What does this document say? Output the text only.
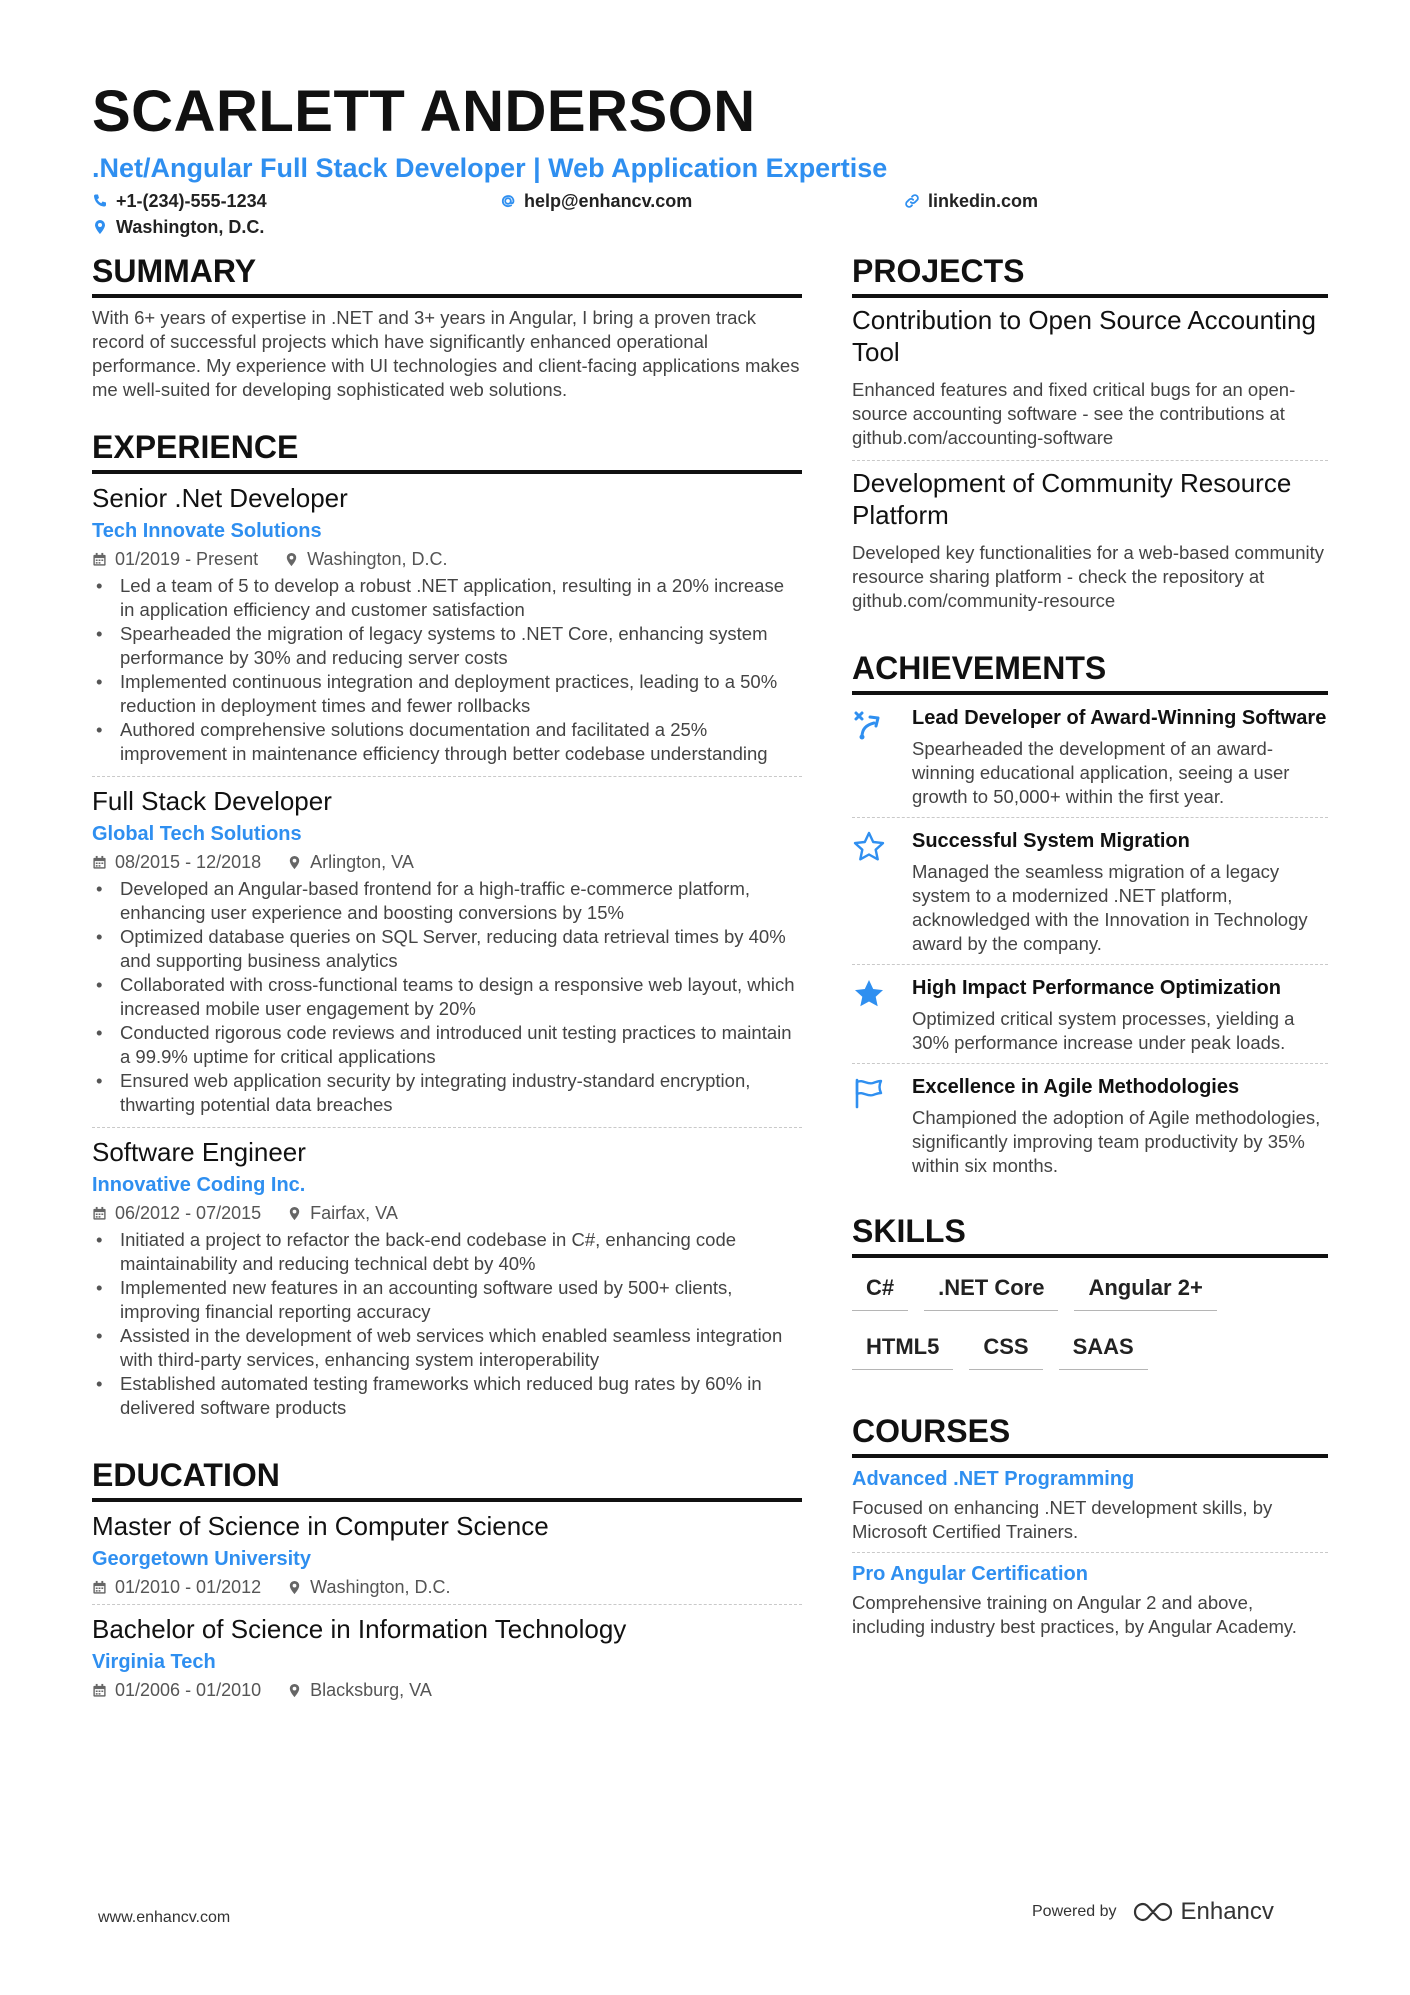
SCARLETT ANDERSON
.Net/Angular Full Stack Developer | Web Application Expertise
+1-(234)-555-1234	help@enhancv.com	linkedin.com
Washington, D.C.
SUMMARY
With 6+ years of expertise in .NET and 3+ years in Angular, I bring a proven track record of successful projects which have significantly enhanced operational performance. My experience with UI technologies and client-facing applications makes me well-suited for developing sophisticated web solutions.
EXPERIENCE
Senior .Net Developer
Tech Innovate Solutions
01/2019 - Present	Washington, D.C.
• Led a team of 5 to develop a robust .NET application, resulting in a 20% increase in application efficiency and customer satisfaction
• Spearheaded the migration of legacy systems to .NET Core, enhancing system performance by 30% and reducing server costs
• Implemented continuous integration and deployment practices, leading to a 50% reduction in deployment times and fewer rollbacks
• Authored comprehensive solutions documentation and facilitated a 25% improvement in maintenance efficiency through better codebase understanding
Full Stack Developer
Global Tech Solutions
08/2015 - 12/2018	Arlington, VA
• Developed an Angular-based frontend for a high-traffic e-commerce platform, enhancing user experience and boosting conversions by 15%
• Optimized database queries on SQL Server, reducing data retrieval times by 40% and supporting business analytics
• Collaborated with cross-functional teams to design a responsive web layout, which increased mobile user engagement by 20%
• Conducted rigorous code reviews and introduced unit testing practices to maintain a 99.9% uptime for critical applications
• Ensured web application security by integrating industry-standard encryption, thwarting potential data breaches
Software Engineer
Innovative Coding Inc.
06/2012 - 07/2015	Fairfax, VA
• Initiated a project to refactor the back-end codebase in C#, enhancing code maintainability and reducing technical debt by 40%
• Implemented new features in an accounting software used by 500+ clients, improving financial reporting accuracy
• Assisted in the development of web services which enabled seamless integration with third-party services, enhancing system interoperability
• Established automated testing frameworks which reduced bug rates by 60% in delivered software products
EDUCATION
Master of Science in Computer Science
Georgetown University
01/2010 - 01/2012	Washington, D.C.
Bachelor of Science in Information Technology
Virginia Tech
01/2006 - 01/2010	Blacksburg, VA
PROJECTS
Contribution to Open Source Accounting Tool
Enhanced features and fixed critical bugs for an open-source accounting software - see the contributions at github.com/accounting-software
Development of Community Resource Platform
Developed key functionalities for a web-based community resource sharing platform - check the repository at github.com/community-resource
ACHIEVEMENTS
Lead Developer of Award-Winning Software
Spearheaded the development of an award-winning educational application, seeing a user growth to 50,000+ within the first year.
Successful System Migration
Managed the seamless migration of a legacy system to a modernized .NET platform, acknowledged with the Innovation in Technology award by the company.
High Impact Performance Optimization
Optimized critical system processes, yielding a 30% performance increase under peak loads.
Excellence in Agile Methodologies
Championed the adoption of Agile methodologies, significantly improving team productivity by 35% within six months.
SKILLS
C#	.NET Core	Angular 2+
HTML5	CSS	SAAS
COURSES
Advanced .NET Programming
Focused on enhancing .NET development skills, by Microsoft Certified Trainers.
Pro Angular Certification
Comprehensive training on Angular 2 and above, including industry best practices, by Angular Academy.
www.enhancv.com	Powered by	Enhancv
